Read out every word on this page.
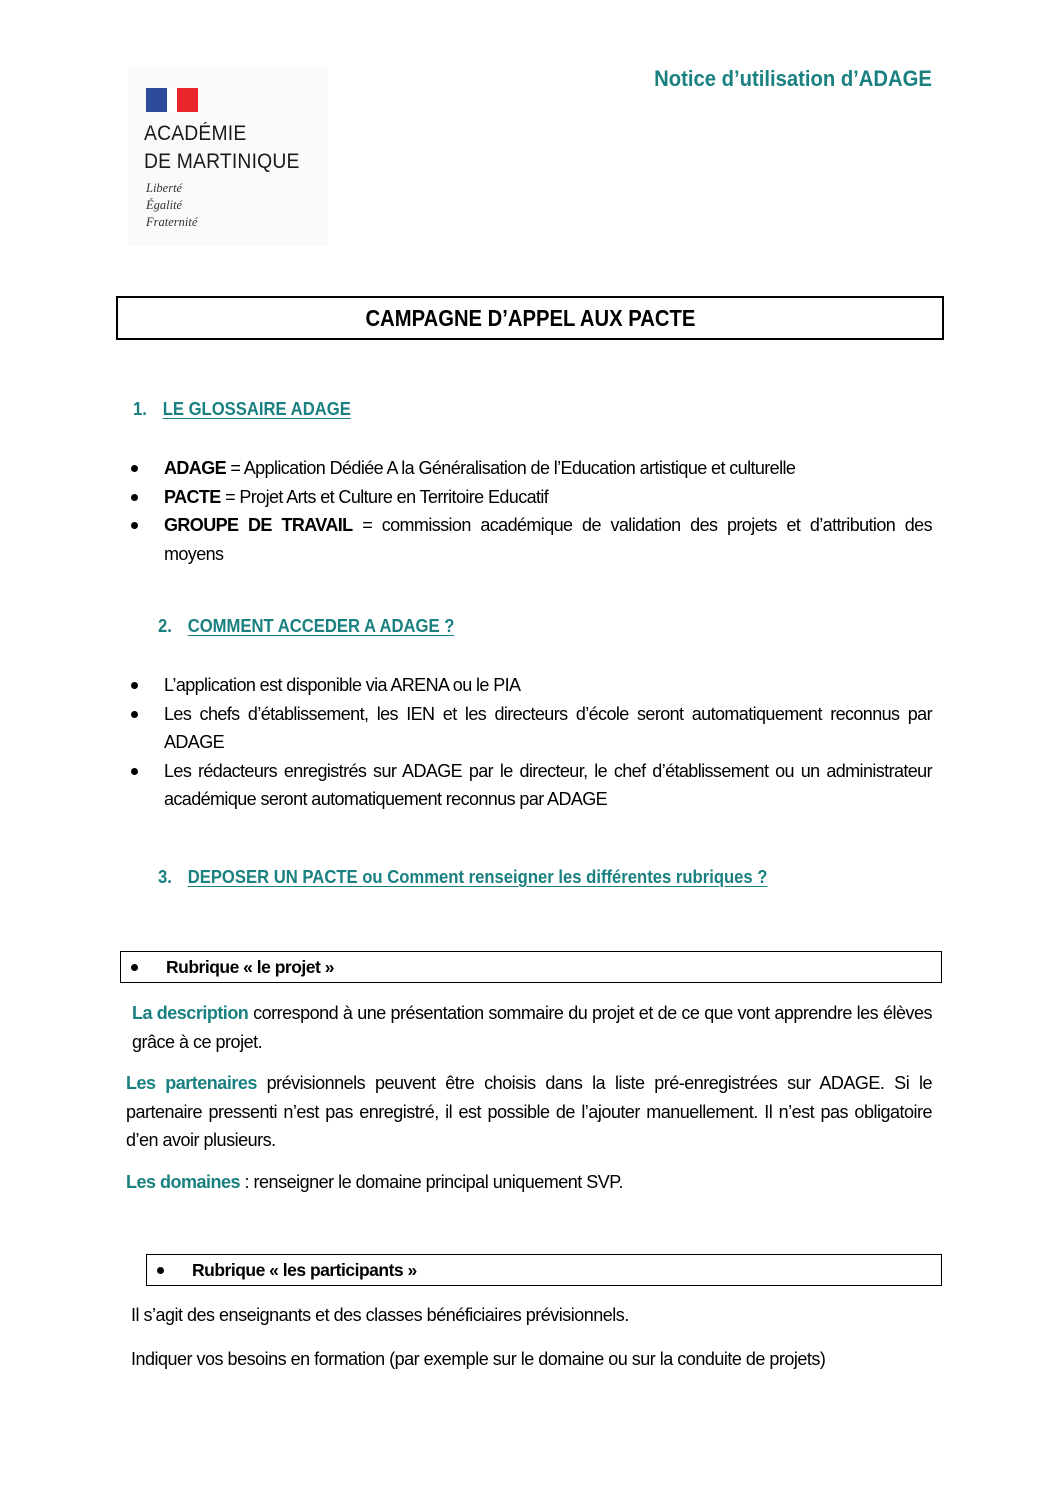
ACADÉMIE
DE MARTINIQUE
Liberté
Égalité
Fraternité
Notice d’utilisation d’ADAGE
CAMPAGNE D’APPEL AUX PACTE
1. LE GLOSSAIRE ADAGE
ADAGE = Application Dédiée A la Généralisation de l’Education artistique et culturelle
PACTE = Projet Arts et Culture en Territoire Educatif
GROUPE DE TRAVAIL = commission académique de validation des projets et d’attribution des moyens
2. COMMENT ACCEDER A ADAGE ?
L’application est disponible via ARENA ou le PIA
Les chefs d’établissement, les IEN et les directeurs d’école seront automatiquement reconnus par ADAGE
Les rédacteurs enregistrés sur ADAGE par le directeur, le chef d’établissement ou un administrateur académique seront automatiquement reconnus par ADAGE
3. DEPOSER UN PACTE ou Comment renseigner les différentes rubriques ?
Rubrique « le projet »
La description correspond à une présentation sommaire du projet et de ce que vont apprendre les élèves grâce à ce projet.
Les partenaires prévisionnels peuvent être choisis dans la liste pré-enregistrées sur ADAGE. Si le partenaire pressenti n’est pas enregistré, il est possible de l’ajouter manuellement. Il n’est pas obligatoire d’en avoir plusieurs.
Les domaines : renseigner le domaine principal uniquement SVP.
Rubrique « les participants »
Il s’agit des enseignants et des classes bénéficiaires prévisionnels.
Indiquer vos besoins en formation (par exemple sur le domaine ou sur la conduite de projets)
